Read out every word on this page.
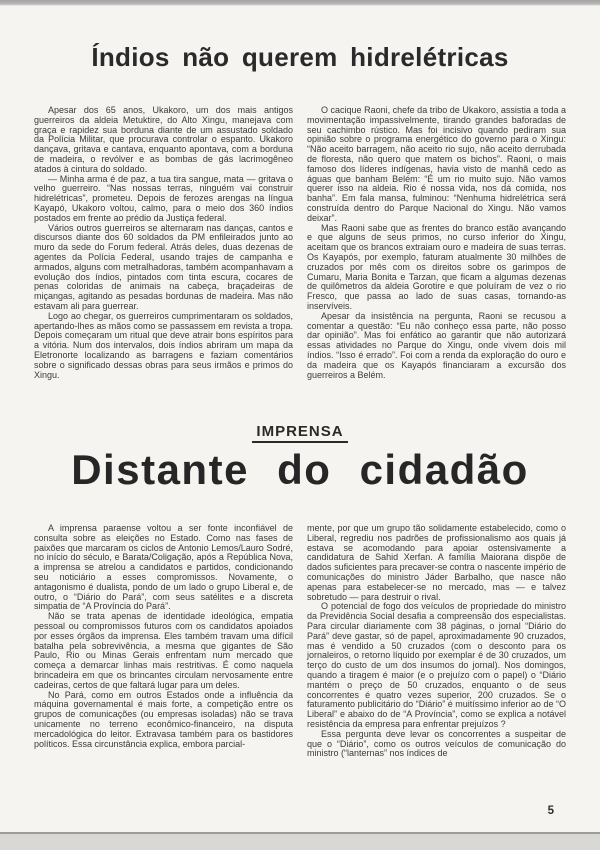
Índios não querem hidrelétricas

Apesar dos 65 anos, Ukakoro, um dos mais antigos guerreiros da aldeia Metuktire, do Alto Xingu, manejava com graça e rapidez sua borduna diante de um assustado soldado da Polícia Militar, que procurava controlar o espanto. Ukakoro dançava, gritava e cantava, enquanto apontava, com a borduna de madeira, o revólver e as bombas de gás lacrimogêneo atados à cintura do soldado.

— Minha arma é de paz, a tua tira sangue, mata — gritava o velho guerreiro. “Nas nossas terras, ninguém vai construir hidrelétricas”, prometeu. Depois de ferozes arengas na língua Kayapó, Ukakoro voltou, calmo, para o meio dos 360 índios postados em frente ao prédio da Justiça federal.

Vários outros guerreiros se alternaram nas danças, cantos e discursos diante dos 60 soldados da PM enfileirados junto ao muro da sede do Forum federal. Atrás deles, duas dezenas de agentes da Polícia Federal, usando trajes de campanha e armados, alguns com metralhadoras, também acompanhavam a evolução dos índios, pintados com tinta escura, cocares de penas coloridas de animais na cabeça, braçadeiras de miçangas, agitando as pesadas bordunas de madeira. Mas não estavam ali para guerrear.

Logo ao chegar, os guerreiros cumprimentaram os soldados, apertando-lhes as mãos como se passassem em revista a tropa. Depois começaram um ritual que deve atrair bons espíritos para a vitória. Num dos intervalos, dois índios abriram um mapa da Eletronorte localizando as barragens e faziam comentários sobre o significado dessas obras para seus irmãos e primos do Xingu.

O cacique Raoni, chefe da tribo de Ukakoro, assistia a toda a movimentação impassivelmente, tirando grandes baforadas de seu cachimbo rústico. Mas foi incisivo quando pediram sua opinião sobre o programa energético do governo para o Xingu: “Não aceito barragem, não aceito rio sujo, não aceito derrubada de floresta, não quero que matem os bichos”. Raoni, o mais famoso dos líderes indígenas, havia visto de manhã cedo as águas que banham Belém: “É um rio muito sujo. Não vamos querer isso na aldeia. Rio é nossa vida, nos dá comida, nos banha”. Em fala mansa, fulminou: “Nenhuma hidrelétrica será construída dentro do Parque Nacional do Xingu. Não vamos deixar”.

Mas Raoni sabe que as frentes do branco estão avançando e que alguns de seus primos, no curso inferior do Xingu, aceitam que os brancos extraiam ouro e madeira de suas terras. Os Kayapós, por exemplo, faturam atualmente 30 milhões de cruzados por mês com os direitos sobre os garimpos de Cumaru, Maria Bonita e Tarzan, que ficam a algumas dezenas de quilômetros da aldeia Gorotire e que poluíram de vez o rio Fresco, que passa ao lado de suas casas, tornando-as inservíveis.

Apesar da insistência na pergunta, Raoni se recusou a comentar a questão: “Eu não conheço essa parte, não posso dar opinião”. Mas foi enfático ao garantir que não autorizará essas atividades no Parque do Xingu, onde vivem dois mil índios. “Isso é errado”. Foi com a renda da exploração do ouro e da madeira que os Kayapós financiaram a excursão dos guerreiros a Belém.

IMPRENSA
Distante do cidadão

A imprensa paraense voltou a ser fonte inconfiável de consulta sobre as eleições no Estado. Como nas fases de paixões que marcaram os ciclos de Antonio Lemos/Lauro Sodré, no início do século, e Barata/Coligação, após a República Nova, a imprensa se atrelou a candidatos e partidos, condicionando seu noticiário a esses compromissos. Novamente, o antagonismo é dualista, pondo de um lado o grupo Liberal e, de outro, o “Diário do Pará”, com seus satélites e a discreta simpatia de “A Província do Pará”.

Não se trata apenas de identidade ideológica, empatia pessoal ou compromissos futuros com os candidatos apoiados por esses órgãos da imprensa. Eles também travam uma difícil batalha pela sobrevivência, a mesma que gigantes de São Paulo, Rio ou Minas Gerais enfrentam num mercado que começa a demarcar linhas mais restritivas. É como naquela brincadeira em que os brincantes circulam nervosamente entre cadeiras, certos de que faltará lugar para um deles.

No Pará, como em outros Estados onde a influência da máquina governamental é mais forte, a competição entre os grupos de comunicações (ou empresas isoladas) não se trava unicamente no terreno econômico-financeiro, na disputa mercadológica do leitor. Extravasa também para os bastidores políticos. Essa circunstância explica, embora parcial-

mente, por que um grupo tão solidamente estabelecido, como o Liberal, regrediu nos padrões de profissionalismo aos quais já estava se acomodando para apoiar ostensivamente a candidatura de Sahid Xerfan. A família Maiorana dispõe de dados suficientes para precaver-se contra o nascente império de comunicações do ministro Jáder Barbalho, que nasce não apenas para estabelecer-se no mercado, mas — e talvez sobretudo — para destruir o rival.

O potencial de fogo dos veículos de propriedade do ministro da Previdência Social desafia a compreensão dos especialistas. Para circular diariamente com 38 páginas, o jornal “Diário do Pará” deve gastar, só de papel, aproximadamente 90 cruzados, mas é vendido a 50 cruzados (com o desconto para os jornaleiros, o retorno líquido por exemplar é de 30 cruzados, um terço do custo de um dos insumos do jornal). Nos domingos, quando a tiragem é maior (e o prejuízo com o papel) o “Diário mantém o preço de 50 cruzados, enquanto o de seus concorrentes é quatro vezes superior, 200 cruzados. Se o faturamento publicitário do “Diário” é muitíssimo inferior ao de “O Liberal” e abaixo do de “A Província”, como se explica a notável resistência da empresa para enfrentar prejuízos ?

Essa pergunta deve levar os concorrentes a suspeitar de que o “Diário”, como os outros veículos de comunicação do ministro (“lanternas” nos índices de

5
